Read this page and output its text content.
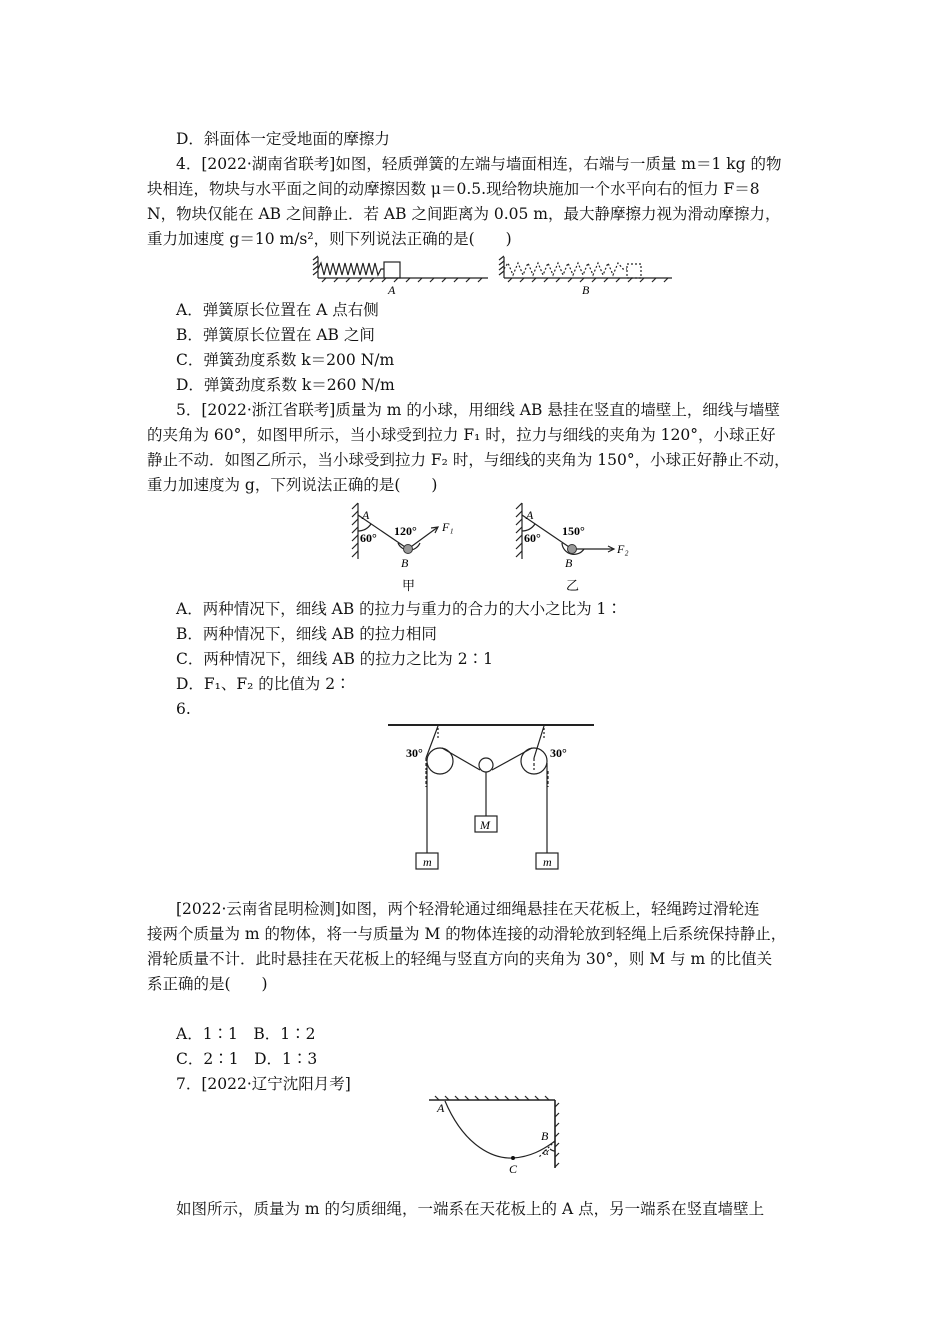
D．斜面体一定受地面的摩擦力
4．[2022·湖南省联考]如图，轻质弹簧的左端与墙面相连，右端与一质量 m＝1 kg 的物
块相连，物块与水平面之间的动摩擦因数 μ＝0.5.现给物块施加一个水平向右的恒力 F＝8
N，物块仅能在 AB 之间静止．若 AB 之间距离为 0.05 m，最大静摩擦力视为滑动摩擦力，
重力加速度 g＝10 m/s²，则下列说法正确的是(　　)
A	B
A．弹簧原长位置在 A 点右侧
B．弹簧原长位置在 AB 之间
C．弹簧劲度系数 k＝200 N/m
D．弹簧劲度系数 k＝260 N/m
5．[2022·浙江省联考]质量为 m 的小球，用细线 AB 悬挂在竖直的墙壁上，细线与墙壁
的夹角为 60°，如图甲所示，当小球受到拉力 F₁ 时，拉力与细线的夹角为 120°，小球正好
静止不动．如图乙所示，当小球受到拉力 F₂ 时，与细线的夹角为 150°，小球正好静止不动，
重力加速度为 g，下列说法正确的是(　　)
A
60° 120° F₁
B
甲
A
60° 150°
F₂
B
乙
A．两种情况下，细线 AB 的拉力与重力的合力的大小之比为 1∶
B．两种情况下，细线 AB 的拉力相同
C．两种情况下，细线 AB 的拉力之比为 2∶1
D．F₁、F₂ 的比值为 2∶
6.
30°	30°
M
m	m
[2022·云南省昆明检测]如图，两个轻滑轮通过细绳悬挂在天花板上，轻绳跨过滑轮连
接两个质量为 m 的物体，将一与质量为 M 的物体连接的动滑轮放到轻绳上后系统保持静止，
滑轮质量不计．此时悬挂在天花板上的轻绳与竖直方向的夹角为 30°，则 M 与 m 的比值关
系正确的是(　　)
A．1∶1　B．1∶2
C．2∶1　D．1∶3
7．[2022·辽宁沈阳月考]
A
B
C
α
如图所示，质量为 m 的匀质细绳，一端系在天花板上的 A 点，另一端系在竖直墙壁上
